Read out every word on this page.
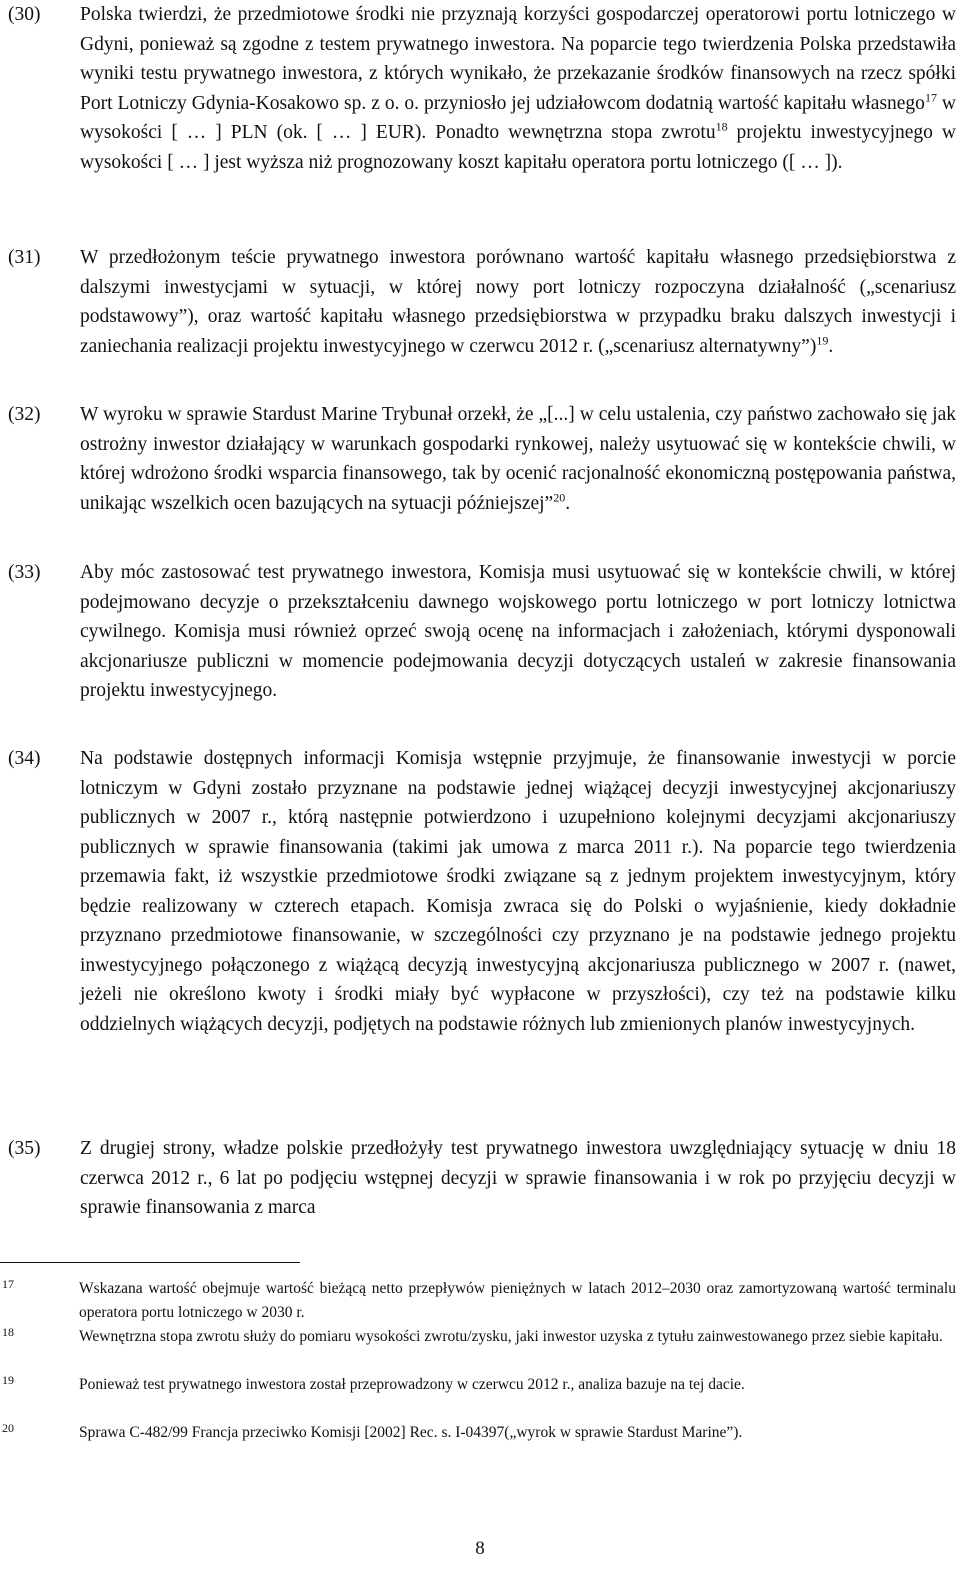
(30)	Polska twierdzi, że przedmiotowe środki nie przyznają korzyści gospodarczej operatorowi portu lotniczego w Gdyni, ponieważ są zgodne z testem prywatnego inwestora. Na poparcie tego twierdzenia Polska przedstawiła wyniki testu prywatnego inwestora, z których wynikało, że przekazanie środków finansowych na rzecz spółki Port Lotniczy Gdynia-Kosakowo sp. z o. o. przyniosło jej udziałowcom dodatnią wartość kapitału własnego$^{17}$ w wysokości [ … ] PLN (ok. [ … ] EUR). Ponadto wewnętrzna stopa zwrotu$^{18}$ projektu inwestycyjnego w wysokości [ … ] jest wyższa niż prognozowany koszt kapitału operatora portu lotniczego ([ … ]).
(31)	W przedłożonym teście prywatnego inwestora porównano wartość kapitału własnego przedsiębiorstwa z dalszymi inwestycjami w sytuacji, w której nowy port lotniczy rozpoczyna działalność („scenariusz podstawowy”), oraz wartość kapitału własnego przedsiębiorstwa w przypadku braku dalszych inwestycji i zaniechania realizacji projektu inwestycyjnego w czerwcu 2012 r. („scenariusz alternatywny”)$^{19}$.
(32)	W wyroku w sprawie Stardust Marine Trybunał orzekł, że „[...] w celu ustalenia, czy państwo zachowało się jak ostrożny inwestor działający w warunkach gospodarki rynkowej, należy usytuować się w kontekście chwili, w której wdrożono środki wsparcia finansowego, tak by ocenić racjonalność ekonomiczną postępowania państwa, unikając wszelkich ocen bazujących na sytuacji późniejszej”$^{20}$.
(33)	Aby móc zastosować test prywatnego inwestora, Komisja musi usytuować się w kontekście chwili, w której podejmowano decyzje o przekształceniu dawnego wojskowego portu lotniczego w port lotniczy lotnictwa cywilnego. Komisja musi również oprzeć swoją ocenę na informacjach i założeniach, którymi dysponowali akcjonariusze publiczni w momencie podejmowania decyzji dotyczących ustaleń w zakresie finansowania projektu inwestycyjnego.
(34)	Na podstawie dostępnych informacji Komisja wstępnie przyjmuje, że finansowanie inwestycji w porcie lotniczym w Gdyni zostało przyznane na podstawie jednej wiążącej decyzji inwestycyjnej akcjonariuszy publicznych w 2007 r., którą następnie potwierdzono i uzupełniono kolejnymi decyzjami akcjonariuszy publicznych w sprawie finansowania (takimi jak umowa z marca 2011 r.). Na poparcie tego twierdzenia przemawia fakt, iż wszystkie przedmiotowe środki związane są z jednym projektem inwestycyjnym, który będzie realizowany w czterech etapach. Komisja zwraca się do Polski o wyjaśnienie, kiedy dokładnie przyznano przedmiotowe finansowanie, w szczególności czy przyznano je na podstawie jednego projektu inwestycyjnego połączonego z wiążącą decyzją inwestycyjną akcjonariusza publicznego w 2007 r. (nawet, jeżeli nie określono kwoty i środki miały być wypłacone w przyszłości), czy też na podstawie kilku oddzielnych wiążących decyzji, podjętych na podstawie różnych lub zmienionych planów inwestycyjnych.
(35)	Z drugiej strony, władze polskie przedłożyły test prywatnego inwestora uwzględniający sytuację w dniu 18 czerwca 2012 r., 6 lat po podjęciu wstępnej decyzji w sprawie finansowania i w rok po przyjęciu decyzji w sprawie finansowania z marca
17	Wskazana wartość obejmuje wartość bieżącą netto przepływów pieniężnych w latach 2012–2030 oraz zamortyzowaną wartość terminalu operatora portu lotniczego w 2030 r.
18	Wewnętrzna stopa zwrotu służy do pomiaru wysokości zwrotu/zysku, jaki inwestor uzyska z tytułu zainwestowanego przez siebie kapitału.
19	Ponieważ test prywatnego inwestora został przeprowadzony w czerwcu 2012 r., analiza bazuje na tej dacie.
20	Sprawa C-482/99 Francja przeciwko Komisji [2002] Rec. s. I-04397(„wyrok w sprawie Stardust Marine”).
8
